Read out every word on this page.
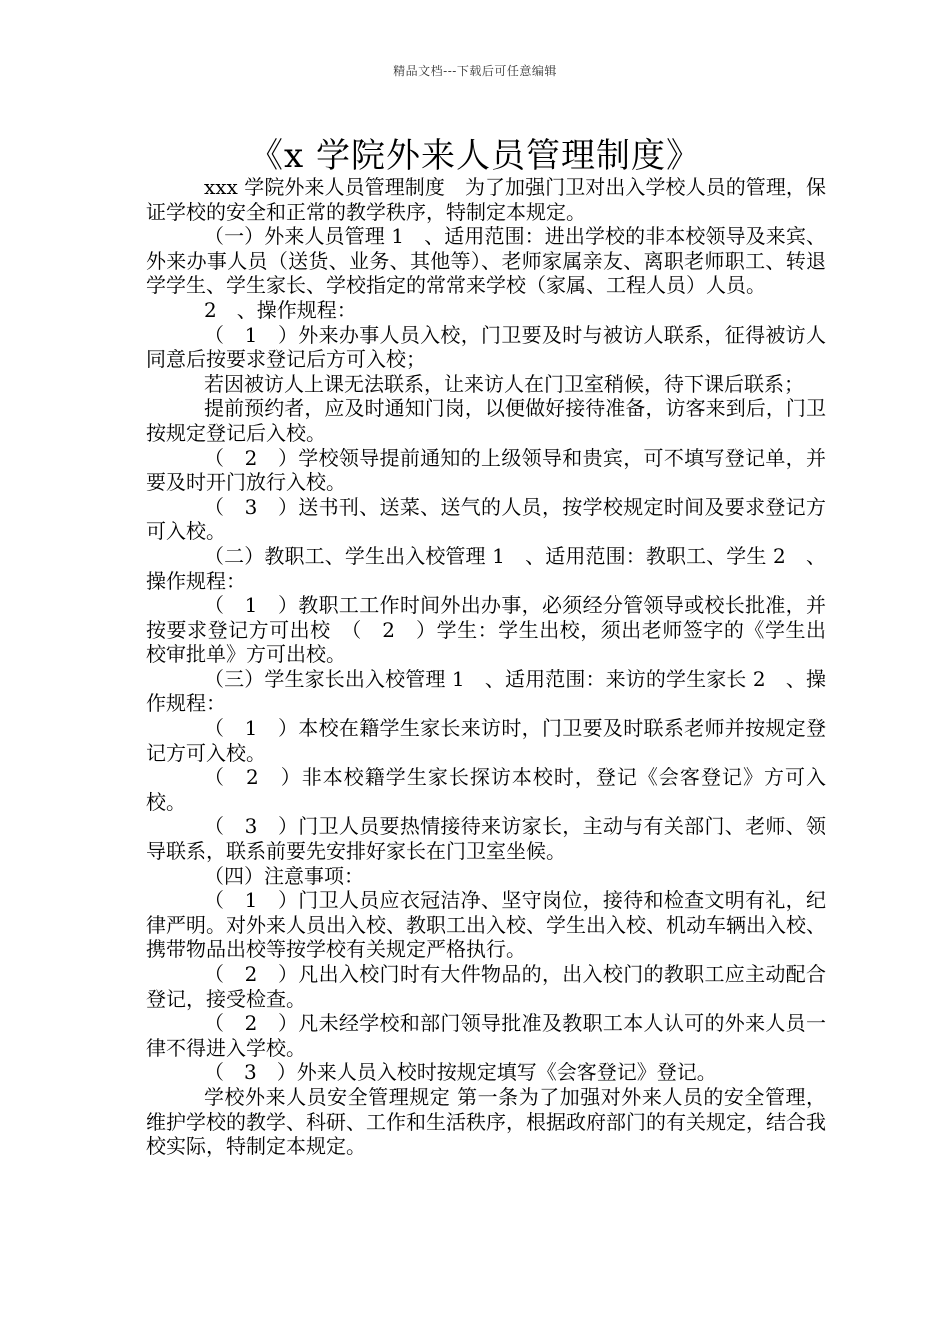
精品文档---下载后可任意编辑
《x 学院外来人员管理制度》

xxx 学院外来人员管理制度　为了加强门卫对出入学校人员的管理，保证学校的安全和正常的教学秩序，特制定本规定。

（一）外来人员管理 1　、适用范围：进出学校的非本校领导及来宾、外来办事人员（送货、业务、其他等）、老师家属亲友、离职老师职工、转退学学生、学生家长、学校指定的常常来学校（家属、工程人员）人员。

2　、操作规程：

（　1　）外来办事人员入校，门卫要及时与被访人联系，征得被访人同意后按要求登记后方可入校；

若因被访人上课无法联系，让来访人在门卫室稍候，待下课后联系；

提前预约者，应及时通知门岗，以便做好接待准备，访客来到后，门卫按规定登记后入校。

（　2　）学校领导提前通知的上级领导和贵宾，可不填写登记单，并要及时开门放行入校。

（　3　）送书刊、送菜、送气的人员，按学校规定时间及要求登记方可入校。

（二）教职工、学生出入校管理 1　、适用范围：教职工、学生 2　、操作规程：

（　1　）教职工工作时间外出办事，必须经分管领导或校长批准，并按要求登记方可出校　（　2　）学生：学生出校，须出老师签字的《学生出校审批单》方可出校。

（三）学生家长出入校管理 1　、适用范围：来访的学生家长 2　、操作规程：

（　1　）本校在籍学生家长来访时，门卫要及时联系老师并按规定登记方可入校。

（　2　）非本校籍学生家长探访本校时，登记《会客登记》方可入校。

（　3　）门卫人员要热情接待来访家长，主动与有关部门、老师、领导联系，联系前要先安排好家长在门卫室坐候。

（四）注意事项：

（　1　）门卫人员应衣冠洁净、坚守岗位，接待和检查文明有礼，纪律严明。对外来人员出入校、教职工出入校、学生出入校、机动车辆出入校、携带物品出校等按学校有关规定严格执行。

（　2　）凡出入校门时有大件物品的，出入校门的教职工应主动配合登记，接受检查。

（　2　）凡未经学校和部门领导批准及教职工本人认可的外来人员一律不得进入学校。

（　3　）外来人员入校时按规定填写《会客登记》登记。

学校外来人员安全管理规定 第一条为了加强对外来人员的安全管理，维护学校的教学、科研、工作和生活秩序，根据政府部门的有关规定，结合我校实际，特制定本规定。
